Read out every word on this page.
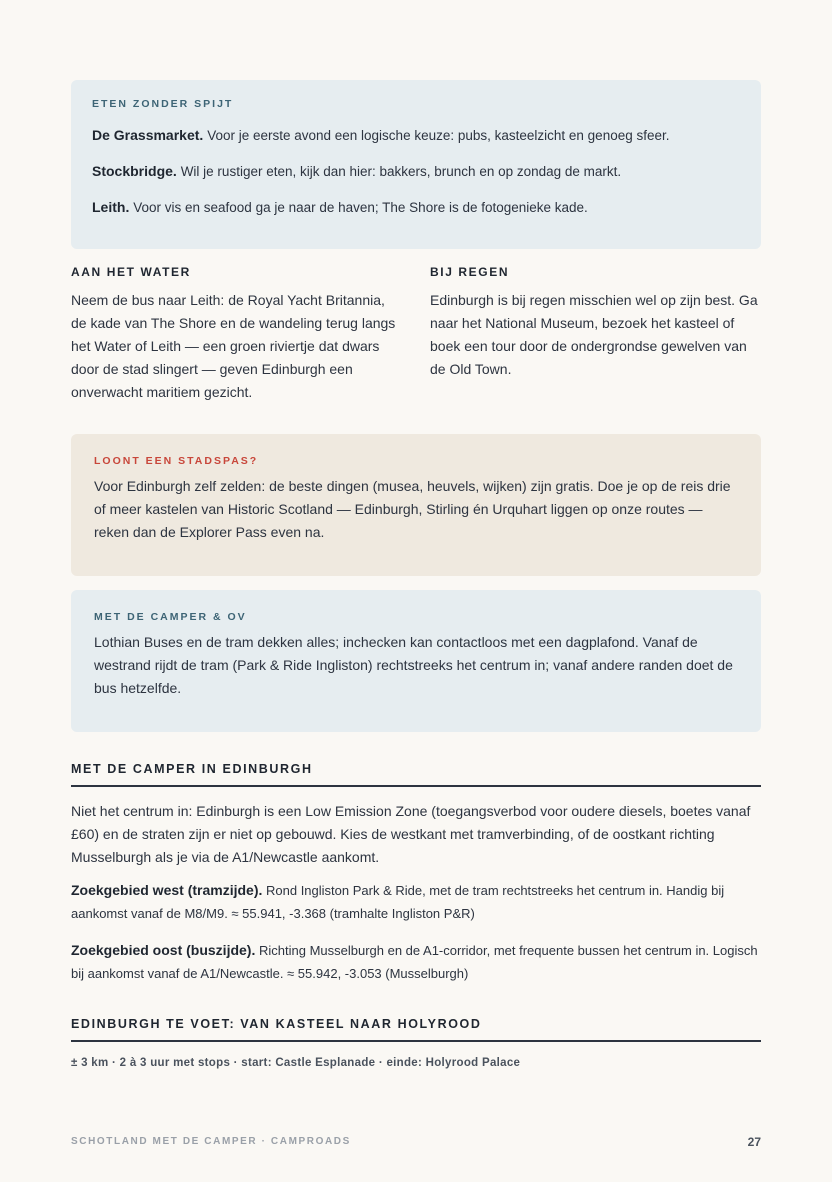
ETEN ZONDER SPIJT

De Grassmarket. Voor je eerste avond een logische keuze: pubs, kasteelzicht en genoeg sfeer.

Stockbridge. Wil je rustiger eten, kijk dan hier: bakkers, brunch en op zondag de markt.

Leith. Voor vis en seafood ga je naar de haven; The Shore is de fotogenieke kade.

AAN HET WATER

Neem de bus naar Leith: de Royal Yacht Britannia, de kade van The Shore en de wandeling terug langs het Water of Leith — een groen riviertje dat dwars door de stad slingert — geven Edinburgh een onverwacht maritiem gezicht.

BIJ REGEN

Edinburgh is bij regen misschien wel op zijn best. Ga naar het National Museum, bezoek het kasteel of boek een tour door de ondergrondse gewelven van de Old Town.

LOONT EEN STADSPAS?

Voor Edinburgh zelf zelden: de beste dingen (musea, heuvels, wijken) zijn gratis. Doe je op de reis drie of meer kastelen van Historic Scotland — Edinburgh, Stirling én Urquhart liggen op onze routes — reken dan de Explorer Pass even na.

MET DE CAMPER & OV

Lothian Buses en de tram dekken alles; inchecken kan contactloos met een dagplafond. Vanaf de westrand rijdt de tram (Park & Ride Ingliston) rechtstreeks het centrum in; vanaf andere randen doet de bus hetzelfde.

MET DE CAMPER IN EDINBURGH

Niet het centrum in: Edinburgh is een Low Emission Zone (toegangsverbod voor oudere diesels, boetes vanaf £60) en de straten zijn er niet op gebouwd. Kies de westkant met tramverbinding, of de oostkant richting Musselburgh als je via de A1/Newcastle aankomt.

Zoekgebied west (tramzijde). Rond Ingliston Park & Ride, met de tram rechtstreeks het centrum in. Handig bij aankomst vanaf de M8/M9. ≈ 55.941, -3.368 (tramhalte Ingliston P&R)

Zoekgebied oost (buszijde). Richting Musselburgh en de A1-corridor, met frequente bussen het centrum in. Logisch bij aankomst vanaf de A1/Newcastle. ≈ 55.942, -3.053 (Musselburgh)

EDINBURGH TE VOET: VAN KASTEEL NAAR HOLYROOD

± 3 km · 2 à 3 uur met stops · start: Castle Esplanade · einde: Holyrood Palace

SCHOTLAND MET DE CAMPER · CAMPROADS	27
